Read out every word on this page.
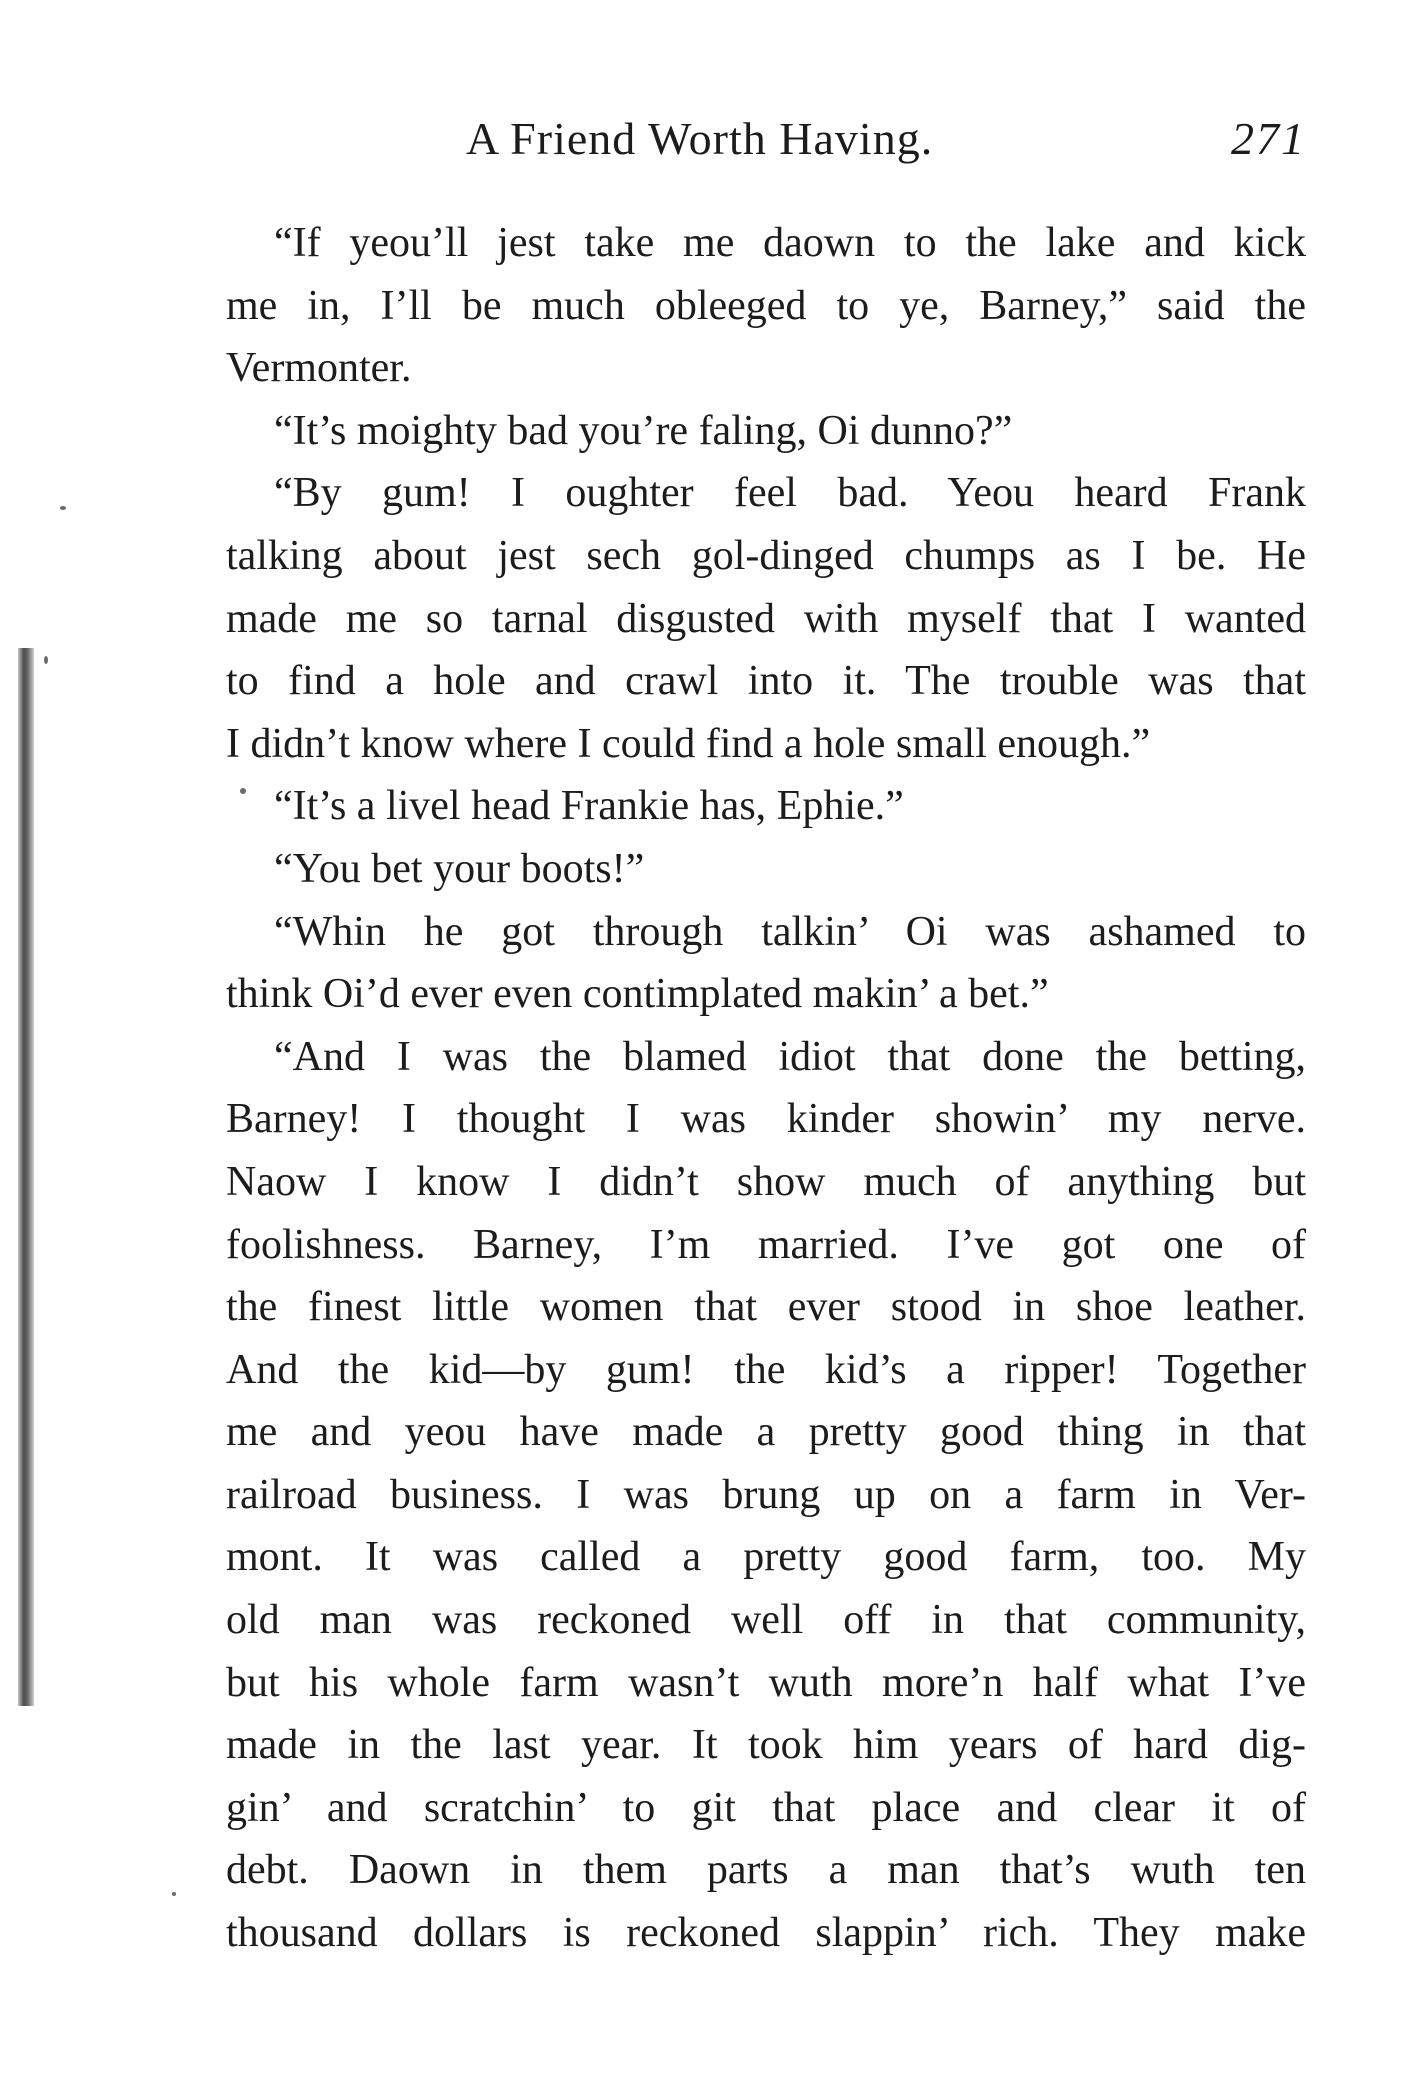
A Friend Worth Having.	271
“If yeou’ll jest take me daown to the lake and kick
me in, I’ll be much obleeged to ye, Barney,” said the
Vermonter.
“It’s moighty bad you’re faling, Oi dunno?”
“By gum! I oughter feel bad. Yeou heard Frank
talking about jest sech gol-dinged chumps as I be. He
made me so tarnal disgusted with myself that I wanted
to find a hole and crawl into it. The trouble was that
I didn’t know where I could find a hole small enough.”
“It’s a livel head Frankie has, Ephie.”
“You bet your boots!”
“Whin he got through talkin’ Oi was ashamed to
think Oi’d ever even contimplated makin’ a bet.”
“And I was the blamed idiot that done the betting,
Barney! I thought I was kinder showin’ my nerve.
Naow I know I didn’t show much of anything but
foolishness. Barney, I’m married. I’ve got one of
the finest little women that ever stood in shoe leather.
And the kid—by gum! the kid’s a ripper! Together
me and yeou have made a pretty good thing in that
railroad business. I was brung up on a farm in Ver-
mont. It was called a pretty good farm, too. My
old man was reckoned well off in that community,
but his whole farm wasn’t wuth more’n half what I’ve
made in the last year. It took him years of hard dig-
gin’ and scratchin’ to git that place and clear it of
debt. Daown in them parts a man that’s wuth ten
thousand dollars is reckoned slappin’ rich. They make
